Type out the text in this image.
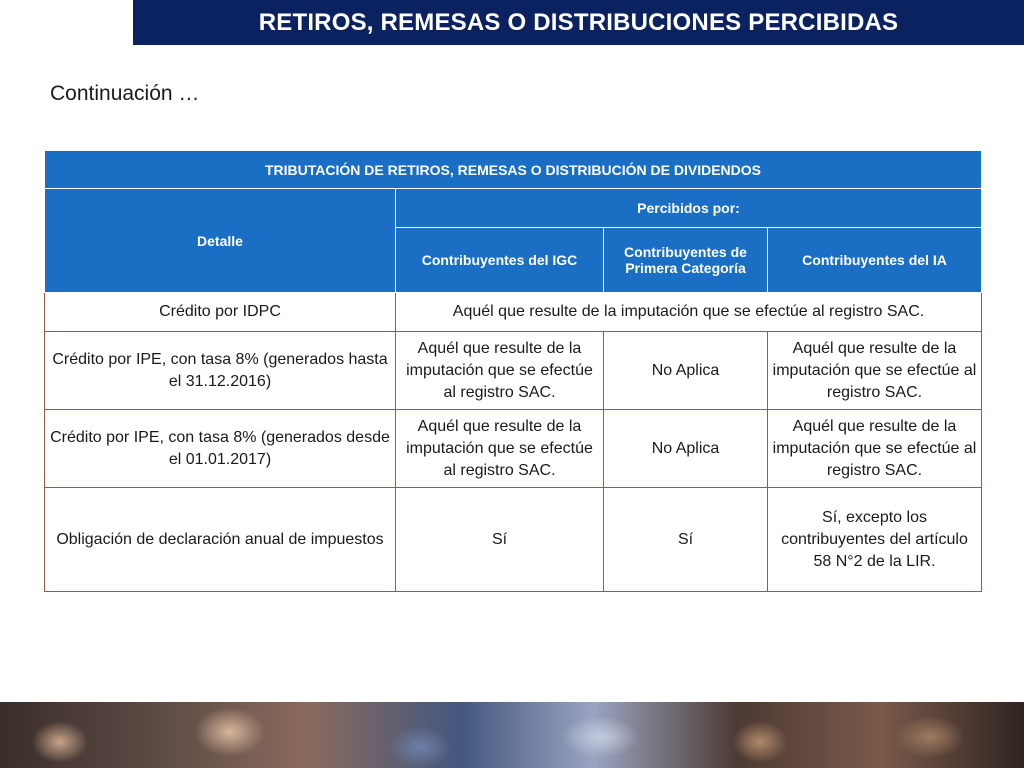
RETIROS, REMESAS O DISTRIBUCIONES PERCIBIDAS
Continuación …
TRIBUTACIÓN DE RETIROS, REMESAS O DISTRIBUCIÓN DE DIVIDENDOS			
Detalle	Percibidos por:		
	Contribuyentes del IGC	Contribuyentes de Primera Categoría	Contribuyentes del IA
Crédito por IDPC	Aquél que resulte de la imputación que se efectúe al registro SAC.		
Crédito por IPE, con tasa 8% (generados hasta el 31.12.2016)	Aquél que resulte de la imputación que se efectúe al registro SAC.	No Aplica	Aquél que resulte de la imputación que se efectúe al registro SAC.
Crédito por IPE, con tasa 8% (generados desde el 01.01.2017)	Aquél que resulte de la imputación que se efectúe al registro SAC.	No Aplica	Aquél que resulte de la imputación que se efectúe al registro SAC.
Obligación de declaración anual de impuestos	Sí	Sí	Sí, excepto los contribuyentes del artículo 58 N°2 de la LIR.
